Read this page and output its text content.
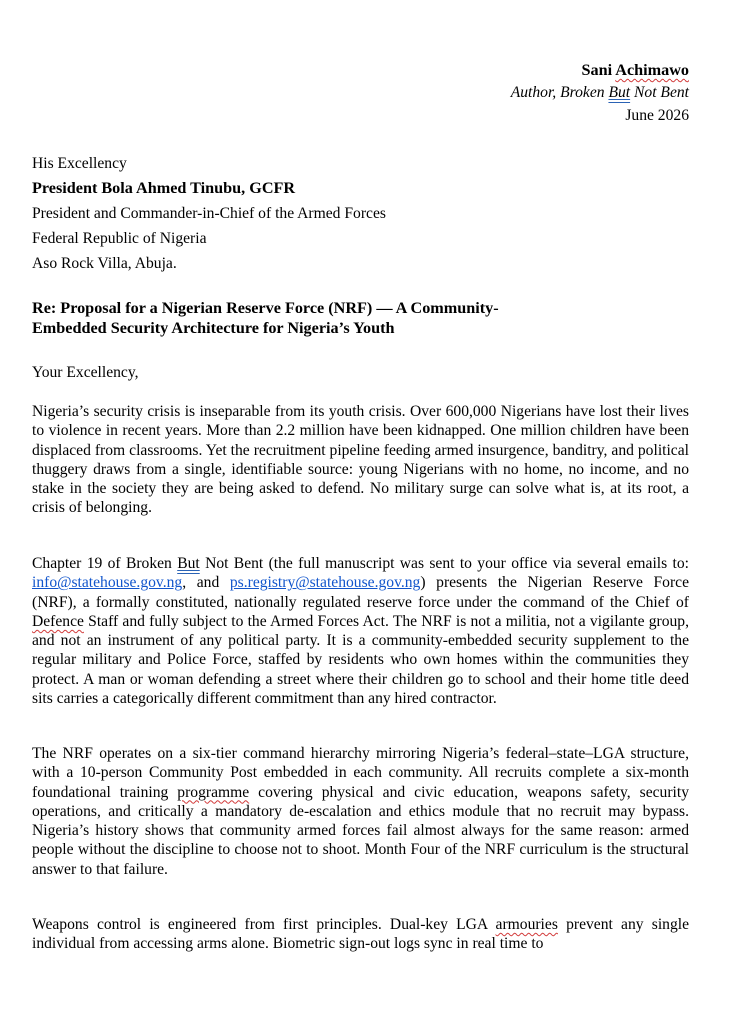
Sani Achimawo
Author, Broken But Not Bent
June 2026
His Excellency
President Bola Ahmed Tinubu, GCFR
President and Commander-in-Chief of the Armed Forces
Federal Republic of Nigeria
Aso Rock Villa, Abuja.
Re: Proposal for a Nigerian Reserve Force (NRF) — A Community-
Embedded Security Architecture for Nigeria’s Youth
Your Excellency,
Nigeria’s security crisis is inseparable from its youth crisis. Over 600,000 Nigerians have lost their lives to violence in recent years. More than 2.2 million have been kidnapped. One million children have been displaced from classrooms. Yet the recruitment pipeline feeding armed insurgence, banditry, and political thuggery draws from a single, identifiable source: young Nigerians with no home, no income, and no stake in the society they are being asked to defend. No military surge can solve what is, at its root, a crisis of belonging.
Chapter 19 of Broken But Not Bent (the full manuscript was sent to your office via several emails to: info@statehouse.gov.ng, and ps.registry@statehouse.gov.ng) presents the Nigerian Reserve Force (NRF), a formally constituted, nationally regulated reserve force under the command of the Chief of Defence Staff and fully subject to the Armed Forces Act. The NRF is not a militia, not a vigilante group, and not an instrument of any political party. It is a community-embedded security supplement to the regular military and Police Force, staffed by residents who own homes within the communities they protect. A man or woman defending a street where their children go to school and their home title deed sits carries a categorically different commitment than any hired contractor.
The NRF operates on a six-tier command hierarchy mirroring Nigeria’s federal–state–LGA structure, with a 10-person Community Post embedded in each community. All recruits complete a six-month foundational training programme covering physical and civic education, weapons safety, security operations, and critically a mandatory de-escalation and ethics module that no recruit may bypass. Nigeria’s history shows that community armed forces fail almost always for the same reason: armed people without the discipline to choose not to shoot. Month Four of the NRF curriculum is the structural answer to that failure.
Weapons control is engineered from first principles. Dual-key LGA armouries prevent any single individual from accessing arms alone. Biometric sign-out logs sync in real time to
